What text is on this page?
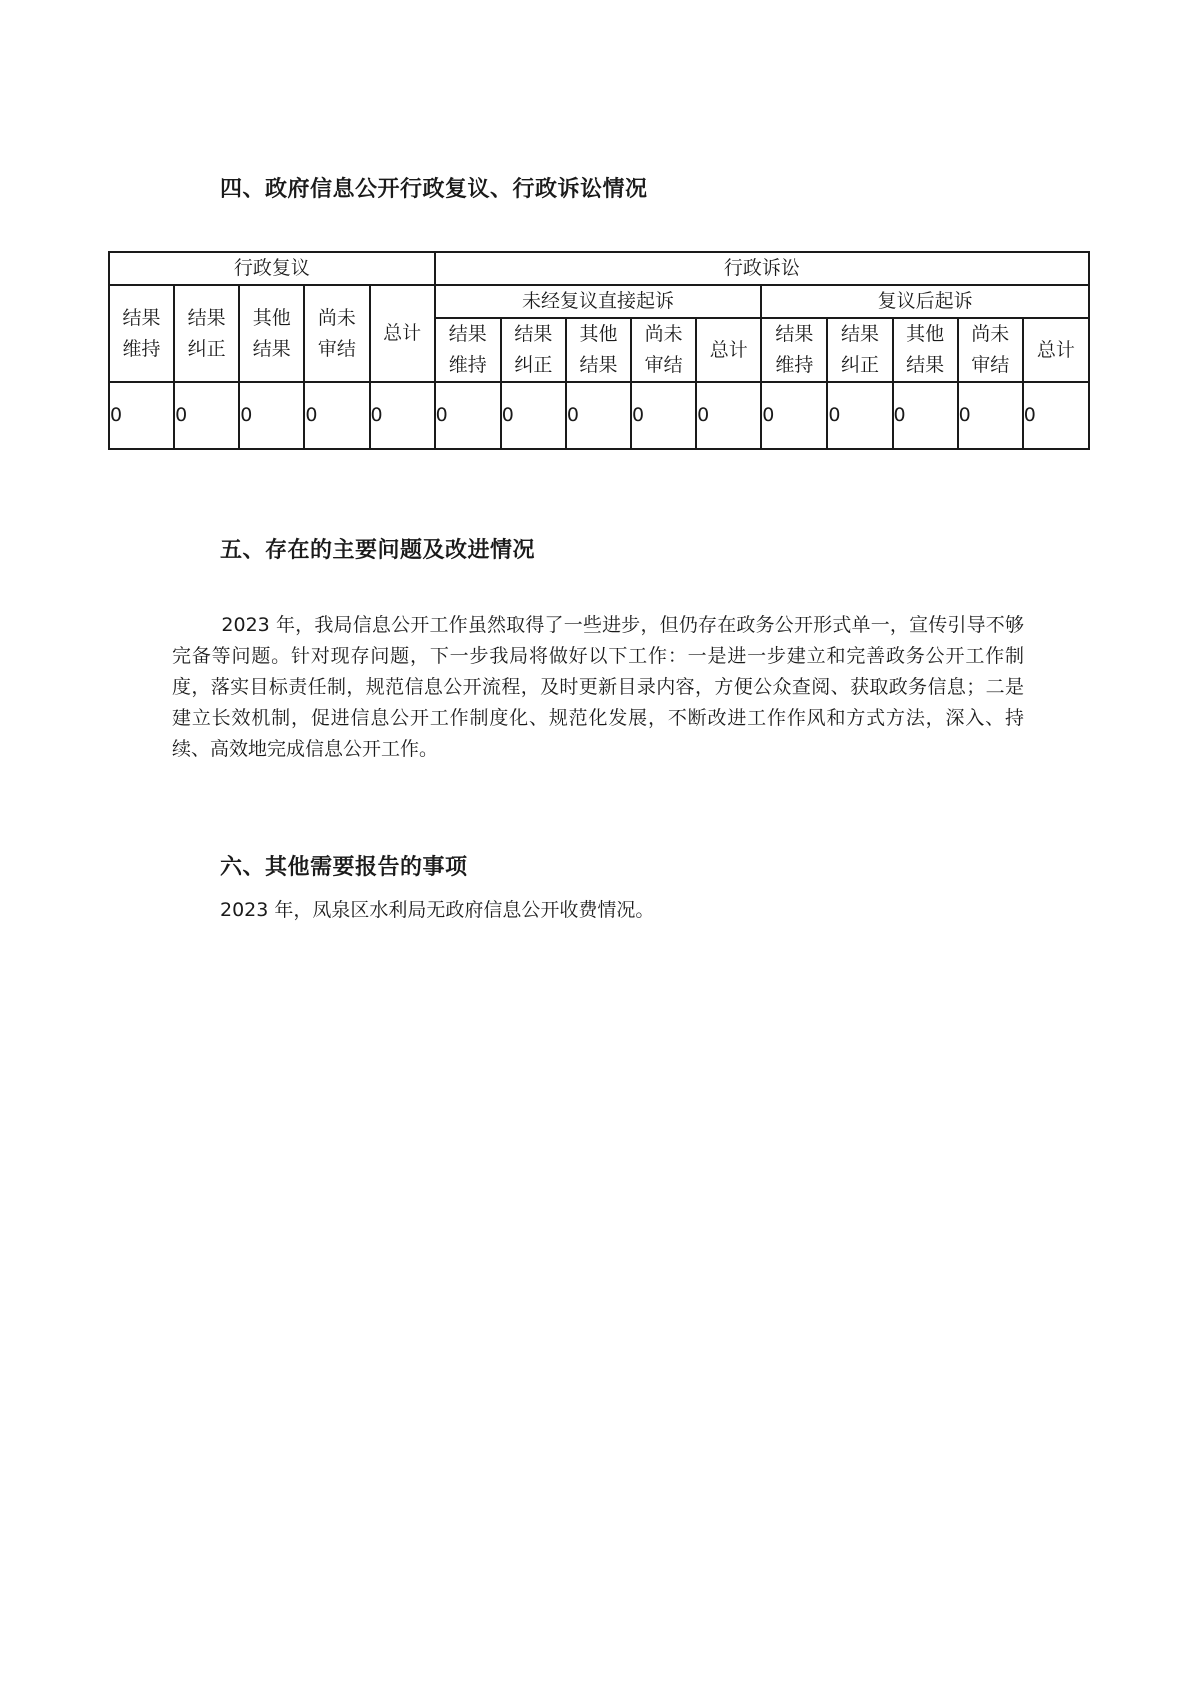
四、政府信息公开行政复议、行政诉讼情况
行政复议					行政诉讼									

结果维持	结果纠正	其他结果	尚未审结	总计	未经复议直接起诉					复议后起诉				

					结果维持	结果纠正	其他结果	尚未审结	总计	结果维持	结果纠正	其他结果	尚未审结	总计
0	0	0	0	0	0	0	0	0	0	0	0	0	0	0
五、存在的主要问题及改进情况
2023 年，我局信息公开工作虽然取得了一些进步，但仍存在政务公开形式单一，宣传引导不够完备等问题。针对现存问题，下一步我局将做好以下工作：一是进一步建立和完善政务公开工作制度，落实目标责任制，规范信息公开流程，及时更新目录内容，方便公众查阅、获取政务信息；二是建立长效机制，促进信息公开工作制度化、规范化发展，不断改进工作作风和方式方法，深入、持续、高效地完成信息公开工作。
六、其他需要报告的事项
2023 年，凤泉区水利局无政府信息公开收费情况。
